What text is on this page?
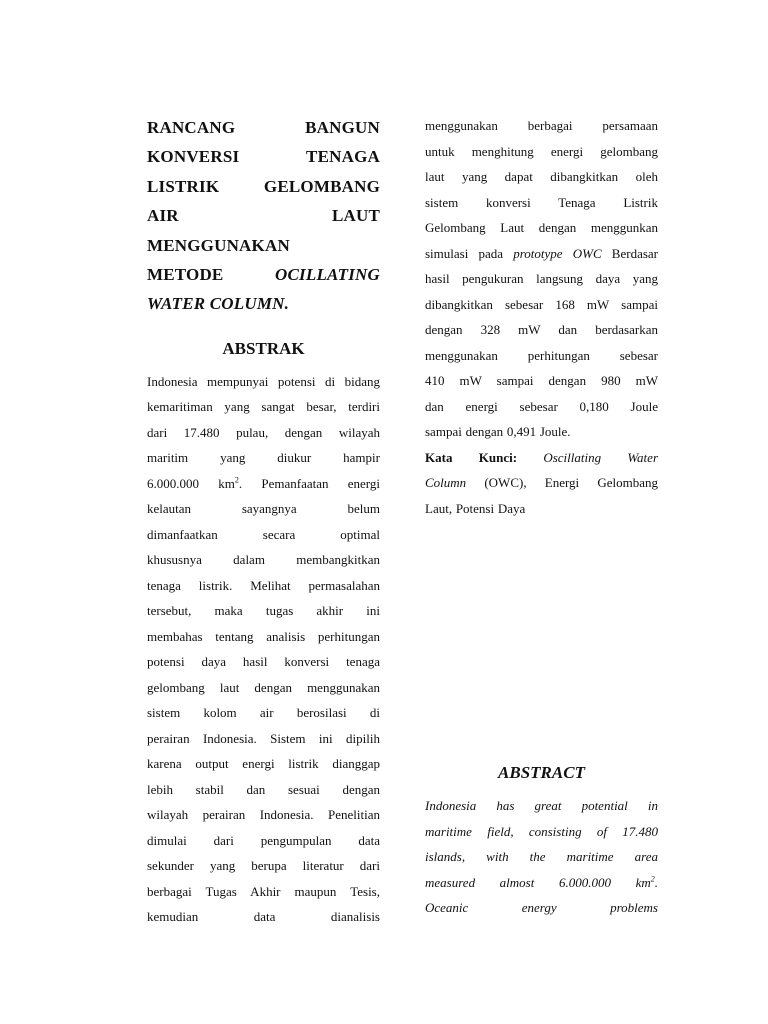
RANCANG BANGUN
KONVERSI TENAGA
LISTRIK GELOMBANG
AIR LAUT
MENGGUNAKAN
METODE	OCILLATING
WATER COLUMN.
ABSTRAK
Indonesia mempunyai potensi di bidang
kemaritiman yang sangat besar, terdiri
dari 17.480 pulau, dengan wilayah
maritim yang diukur hampir
6.000.000 $km^2$. Pemanfaatan energi
kelautan sayangnya belum
dimanfaatkan secara optimal
khususnya dalam membangkitkan
tenaga listrik. Melihat permasalahan
tersebut, maka tugas akhir ini
membahas tentang analisis perhitungan
potensi daya hasil konversi tenaga
gelombang laut dengan menggunakan
sistem kolom air berosilasi di
perairan Indonesia. Sistem ini dipilih
karena output energi listrik dianggap
lebih stabil dan sesuai dengan
wilayah perairan Indonesia. Penelitian
dimulai dari pengumpulan data
sekunder yang berupa literatur dari
berbagai Tugas Akhir maupun Tesis,
kemudian data dianalisis
menggunakan berbagai persamaan
untuk menghitung energi gelombang
laut yang dapat dibangkitkan oleh
sistem konversi Tenaga Listrik
Gelombang Laut dengan menggunkan
simulasi pada prototype OWC Berdasar
hasil pengukuran langsung daya yang
dibangkitkan sebesar 168 mW sampai
dengan 328 mW dan berdasarkan
menggunakan perhitungan sebesar
410 mW sampai dengan 980 mW
dan energi sebesar 0,180 Joule
sampai dengan 0,491 Joule.
Kata Kunci: Oscillating Water
Column (OWC), Energi Gelombang
Laut, Potensi Daya
ABSTRACT
Indonesia has great potential in
maritime field, consisting of 17.480
islands, with the maritime area
measured almost 6.000.000 $km^2$.
Oceanic energy problems
